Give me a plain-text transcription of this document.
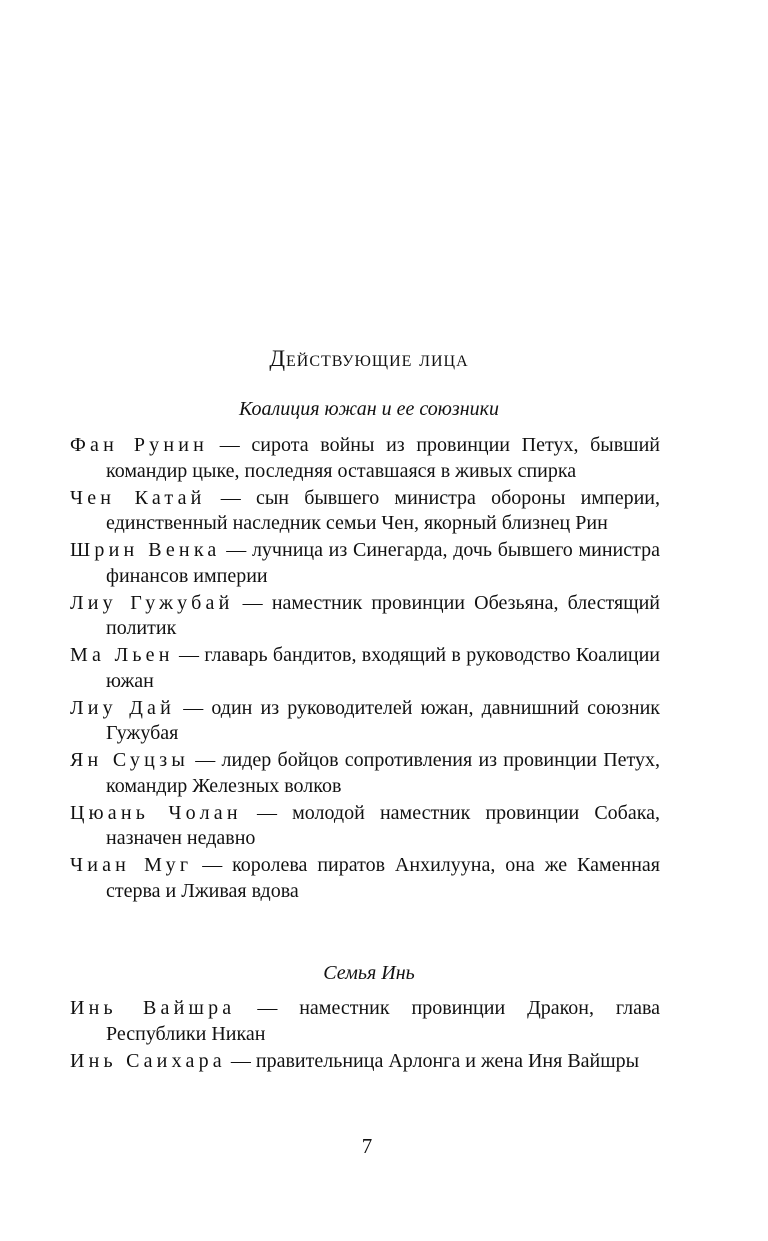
Действующие лица
Коалиция южан и ее союзники
Фан Рунин — сирота войны из провинции Петух, бывший командир цыке, последняя оставшаяся в живых спирка
Чен Катай — сын бывшего министра обороны империи, единственный наследник семьи Чен, якорный близнец Рин
Шрин Венка — лучница из Синегарда, дочь бывшего министра финансов империи
Лиу Гужубай — наместник провинции Обезьяна, блестящий политик
Ма Льен — главарь бандитов, входящий в руководство Коалиции южан
Лиу Дай — один из руководителей южан, давнишний союзник Гужубая
Ян Суцзы — лидер бойцов сопротивления из провинции Петух, командир Железных волков
Цюань Чолан — молодой наместник провинции Собака, назначен недавно
Чиан Муг — королева пиратов Анхилууна, она же Каменная стерва и Лживая вдова
Семья Инь
Инь Вайшра — наместник провинции Дракон, глава Республики Никан
Инь Саихара — правительница Арлонга и жена Иня Вайшры
7
